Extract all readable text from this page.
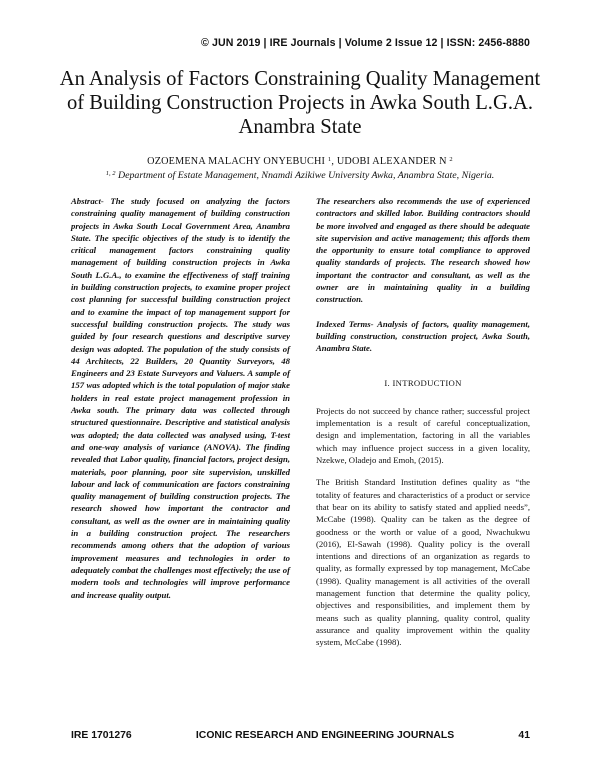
© JUN 2019 | IRE Journals | Volume 2 Issue 12 | ISSN: 2456-8880
An Analysis of Factors Constraining Quality Management
of Building Construction Projects in Awka South L.G.A.
Anambra State
OZOEMENA MALACHY ONYEBUCHI $^1$, UDOBI ALEXANDER N $^2$
$^{1, 2}$ Department of Estate Management, Nnamdi Azikiwe University Awka, Anambra State, Nigeria.
Abstract- The study focused on analyzing the factors constraining quality management of building construction projects in Awka South Local Government Area, Anambra State. The specific objectives of the study is to identify the critical management factors constraining quality management of building construction projects in Awka South L.G.A., to examine the effectiveness of staff training in building construction projects, to examine proper project cost planning for successful building construction project and to examine the impact of top management support for successful building construction projects. The study was guided by four research questions and descriptive survey design was adopted. The population of the study consists of 44 Architects, 22 Builders, 20 Quantity Surveyors, 48 Engineers and 23 Estate Surveyors and Valuers. A sample of 157 was adopted which is the total population of major stake holders in real estate project management profession in Awka south. The primary data was collected through structured questionnaire. Descriptive and statistical analysis was adopted; the data collected was analysed using, T-test and one-way analysis of variance (ANOVA). The finding revealed that Labor quality, financial factors, project design, materials, poor planning, poor site supervision, unskilled labour and lack of communication are factors constraining quality management of building construction projects. The research showed how important the contractor and consultant, as well as the owner are in maintaining quality in a building construction project. The researchers recommends among others that the adoption of various improvement measures and technologies in order to adequately combat the challenges most effectively; the use of modern tools and technologies will improve performance and increase quality output.
The researchers also recommends the use of experienced contractors and skilled labor. Building contractors should be more involved and engaged as there should be adequate site supervision and active management; this affords them the opportunity to ensure total compliance to approved quality standards of projects. The research showed how important the contractor and consultant, as well as the owner are in maintaining quality in a building construction.
Indexed Terms- Analysis of factors, quality management, building construction, construction project, Awka South, Anambra State.
I. INTRODUCTION
Projects do not succeed by chance rather; successful project implementation is a result of careful conceptualization, design and implementation, factoring in all the variables which may influence project success in a given locality, Nzekwe, Oladejo and Emoh, (2015).
The British Standard Institution defines quality as “the totality of features and characteristics of a product or service that bear on its ability to satisfy stated and applied needs”, McCabe (1998). Quality can be taken as the degree of goodness or the worth or value of a good, Nwachukwu (2016), El-Sawah (1998). Quality policy is the overall intentions and directions of an organization as regards to quality, as formally expressed by top management, McCabe (1998). Quality management is all activities of the overall management function that determine the quality policy, objectives and responsibilities, and implement them by means such as quality planning, quality control, quality assurance and quality improvement within the quality system, McCabe (1998).
IRE 1701276	ICONIC RESEARCH AND ENGINEERING JOURNALS	41
